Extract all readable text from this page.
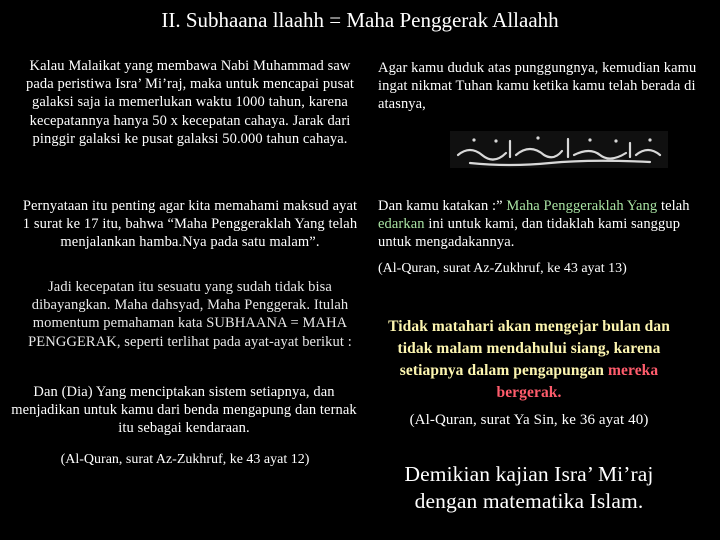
II. Subhaana llaahh = Maha Penggerak Allaahh
Kalau Malaikat yang membawa Nabi Muhammad saw pada peristiwa Isra’ Mi’raj, maka untuk mencapai pusat galaksi saja ia memerlukan waktu 1000 tahun, karena kecepatannya hanya 50 x kecepatan cahaya. Jarak dari pinggir galaksi ke pusat galaksi 50.000 tahun cahaya.
Pernyataan itu penting agar kita memahami maksud ayat 1 surat ke 17 itu, bahwa “Maha Penggeraklah Yang telah menjalankan hamba.Nya pada satu malam”.
Jadi kecepatan itu sesuatu yang sudah tidak bisa dibayangkan. Maha dahsyad, Maha Penggerak. Itulah momentum pemahaman kata SUBHAANA = MAHA PENGGERAK, seperti terlihat pada ayat-ayat berikut :
Dan (Dia) Yang menciptakan sistem setiapnya, dan menjadikan untuk kamu dari benda mengapung dan ternak itu sebagai kendaraan.
(Al-Quran, surat Az-Zukhruf, ke 43 ayat 12)
Agar kamu duduk atas punggungnya, kemudian kamu ingat nikmat Tuhan kamu ketika kamu telah berada di atasnya,
Dan kamu katakan :” Maha Penggeraklah Yang telah edarkan ini untuk kami, dan tidaklah kami sanggup untuk mengadakannya.
(Al-Quran, surat Az-Zukhruf, ke 43 ayat 13)
Tidak matahari akan mengejar bulan dan tidak malam mendahului siang, karena setiapnya dalam pengapungan mereka bergerak.
(Al-Quran, surat Ya Sin, ke 36 ayat 40)
Demikian kajian Isra’ Mi’raj dengan matematika Islam.
